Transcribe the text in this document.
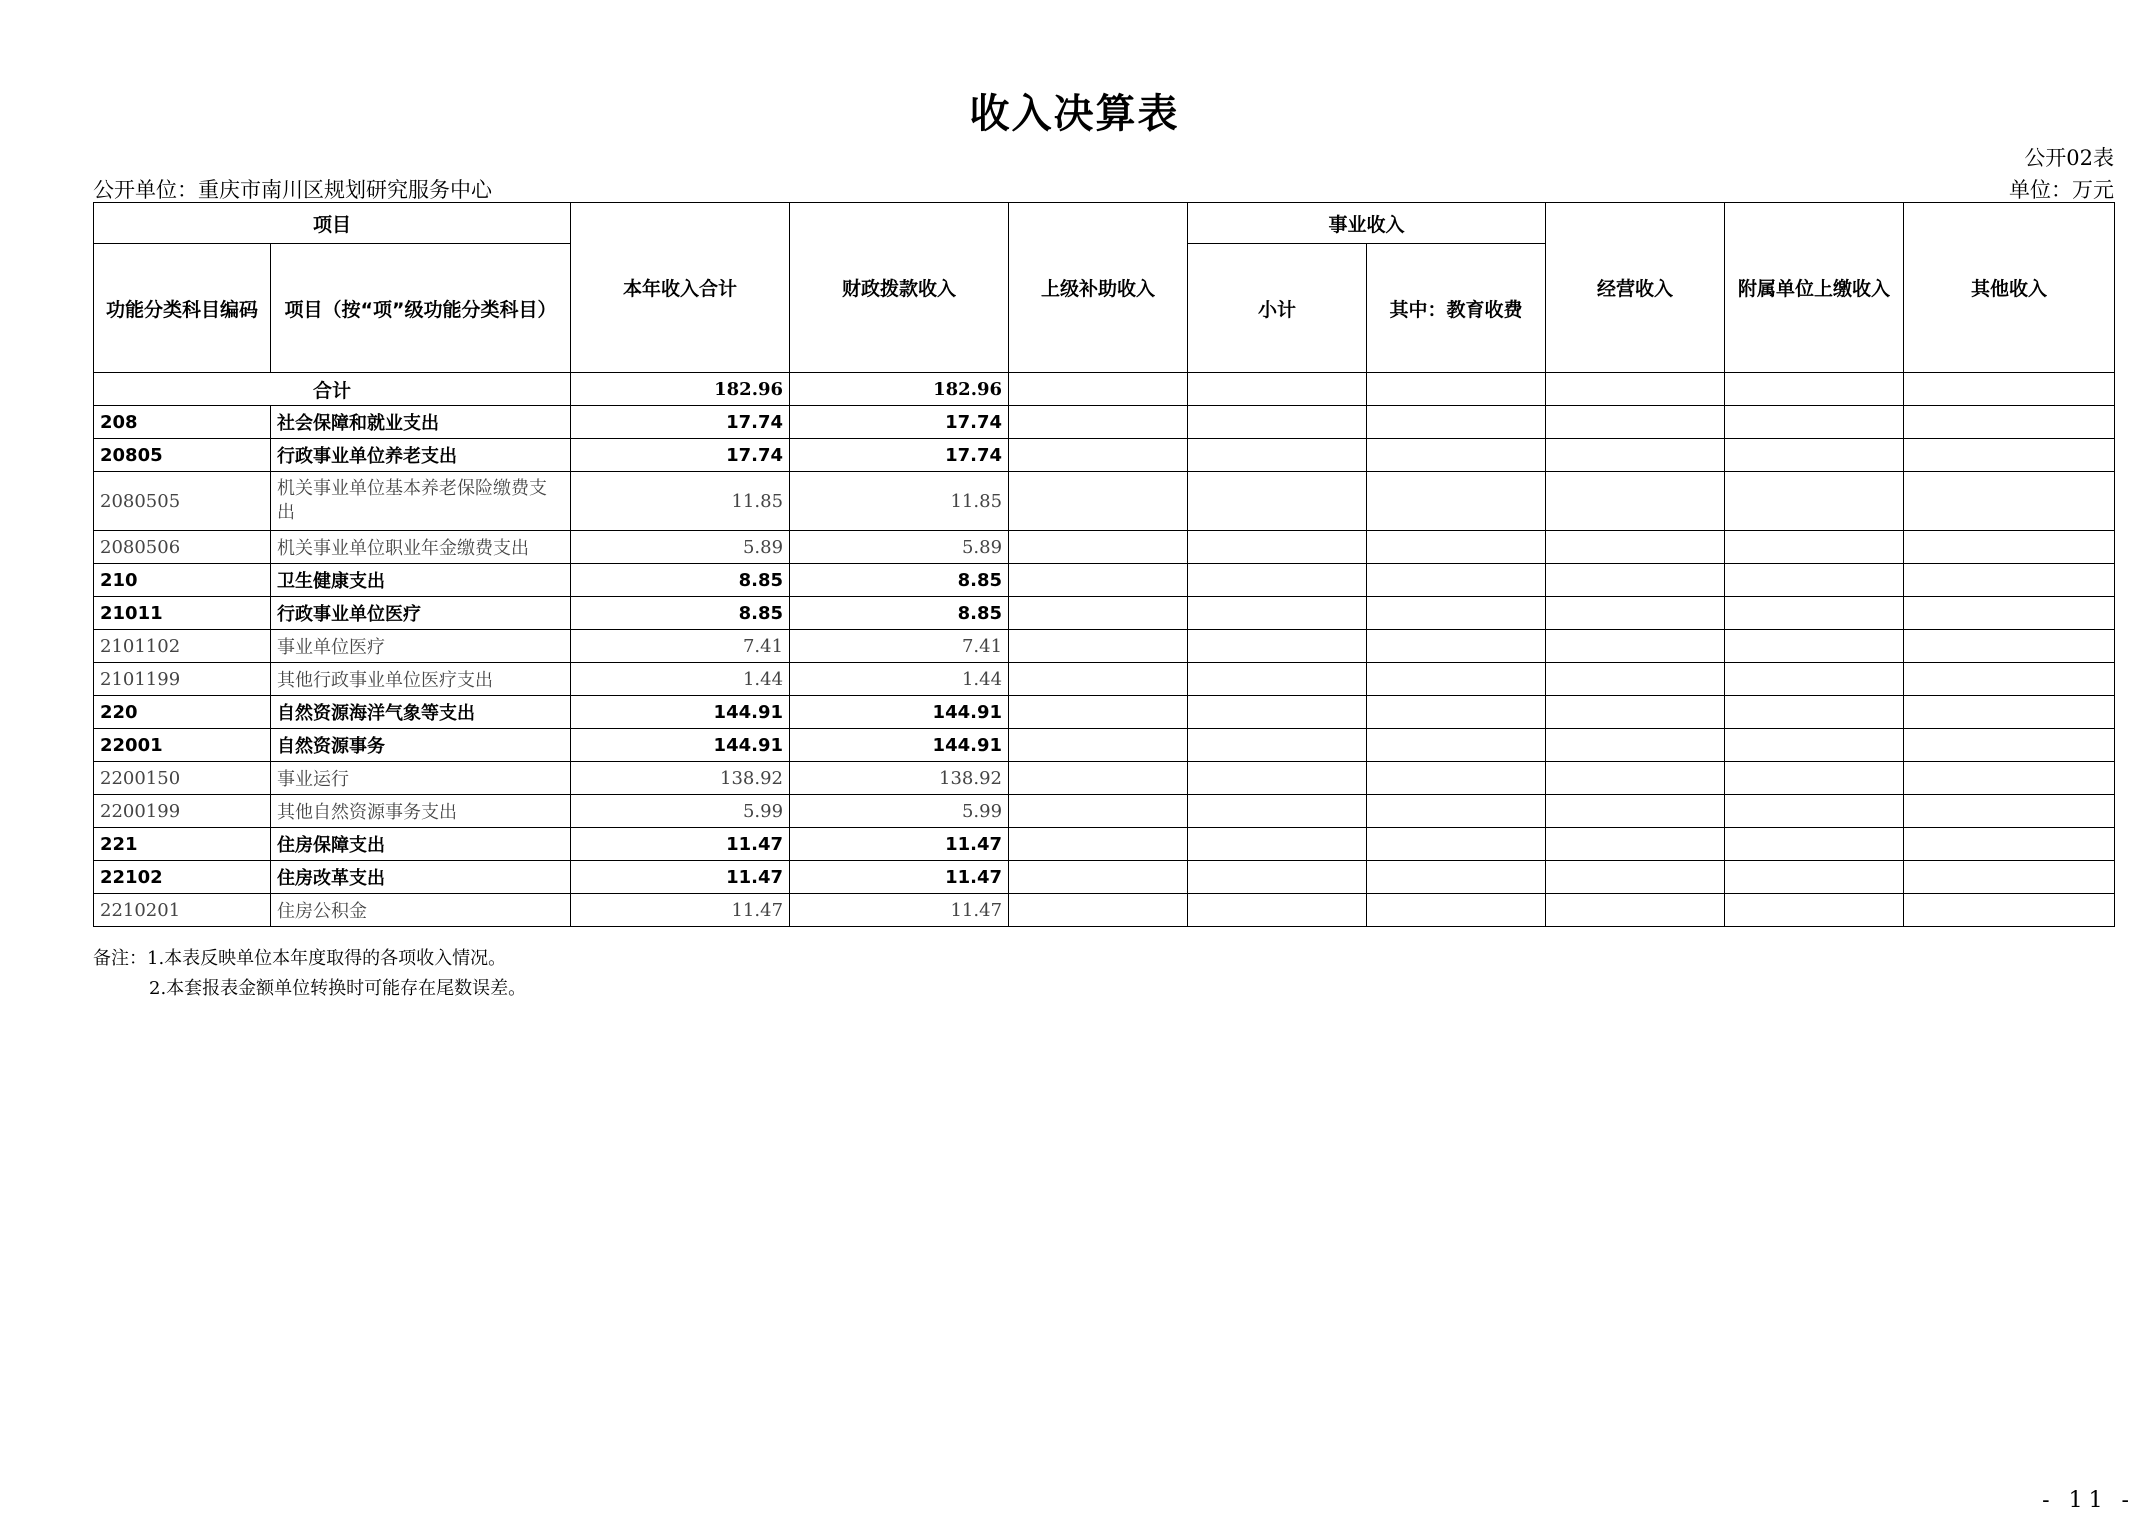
收入决算表
公开02表
公开单位：重庆市南川区规划研究服务中心	单位：万元
项目		本年收入合计	财政拨款收入	上级补助收入	事业收入		经营收入	附属单位上缴收入	其他收入
功能分类科目编码	项目（按“项”级功能分类科目）				小计	其中：教育收费			
合计		182.96	182.96						
208	社会保障和就业支出	17.74	17.74						
20805	行政事业单位养老支出	17.74	17.74						
2080505	机关事业单位基本养老保险缴费支出	11.85	11.85						
2080506	机关事业单位职业年金缴费支出	5.89	5.89						
210	卫生健康支出	8.85	8.85						
21011	行政事业单位医疗	8.85	8.85						
2101102	事业单位医疗	7.41	7.41						
2101199	其他行政事业单位医疗支出	1.44	1.44						
220	自然资源海洋气象等支出	144.91	144.91						
22001	自然资源事务	144.91	144.91						
2200150	事业运行	138.92	138.92						
2200199	其他自然资源事务支出	5.99	5.99						
221	住房保障支出	11.47	11.47						
22102	住房改革支出	11.47	11.47						
2210201	住房公积金	11.47	11.47						
备注：1.本表反映单位本年度取得的各项收入情况。
2.本套报表金额单位转换时可能存在尾数误差。
- 11 -
